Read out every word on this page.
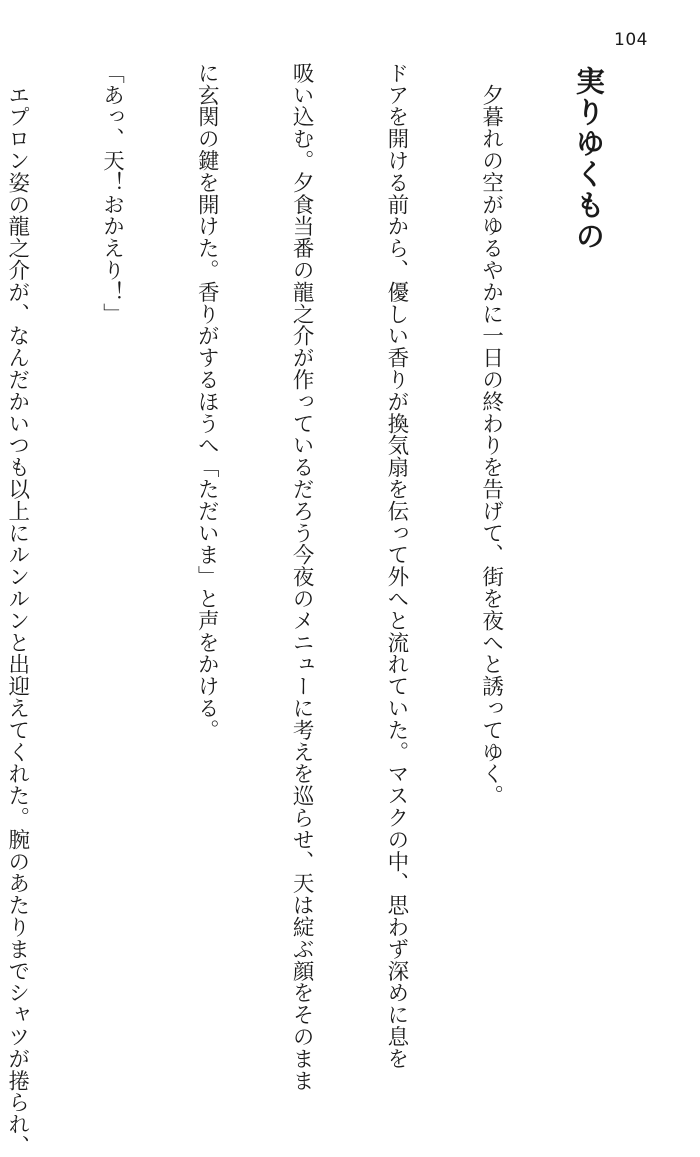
104

実りゆくもの

　夕暮れの空がゆるやかに一日の終わりを告げて、街を夜へと誘ってゆく。

ドアを開ける前から、優しい香りが換気扇を伝って外へと流れていた。マスクの中、思わず深めに息を

吸い込む。夕食当番の龍之介が作っているだろう今夜のメニューに考えを巡らせ、天は綻ぶ顔をそのまま

に玄関の鍵を開けた。香りがするほうへ「ただいま」と声をかける。

「あっ、天！おかえり！」

　エプロン姿の龍之介が、なんだかいつも以上にルンルンと出迎えてくれた。腕のあたりまでシャツが捲られ、
